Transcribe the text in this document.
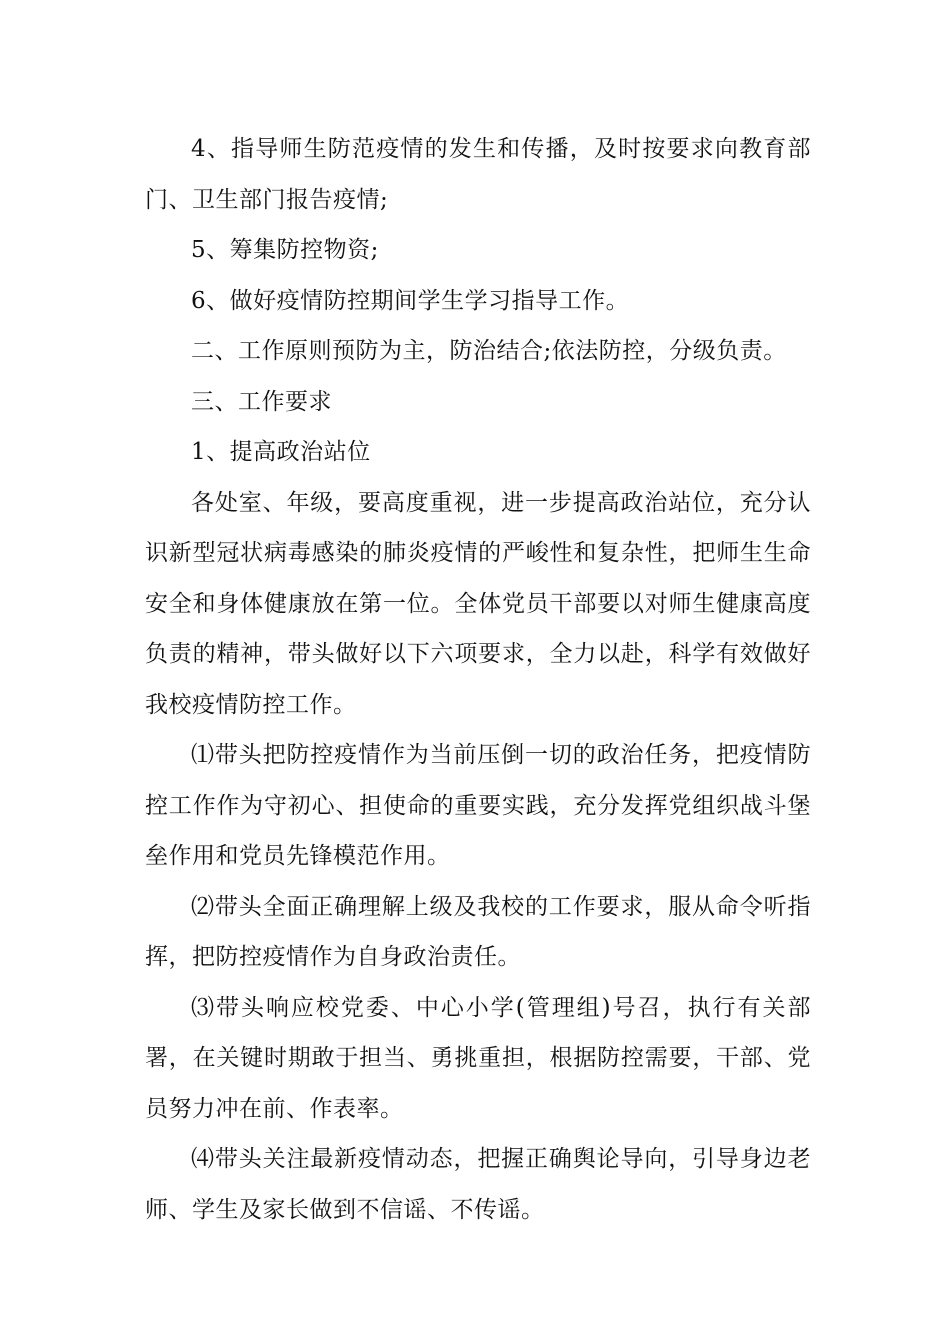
4、指导师生防范疫情的发生和传播，及时按要求向教育部门、卫生部门报告疫情;

5、筹集防控物资;

6、做好疫情防控期间学生学习指导工作。

二、工作原则预防为主，防治结合;依法防控，分级负责。

三、工作要求

1、提高政治站位

各处室、年级，要高度重视，进一步提高政治站位，充分认识新型冠状病毒感染的肺炎疫情的严峻性和复杂性，把师生生命安全和身体健康放在第一位。全体党员干部要以对师生健康高度负责的精神，带头做好以下六项要求，全力以赴，科学有效做好我校疫情防控工作。

⑴带头把防控疫情作为当前压倒一切的政治任务，把疫情防控工作作为守初心、担使命的重要实践，充分发挥党组织战斗堡垒作用和党员先锋模范作用。

⑵带头全面正确理解上级及我校的工作要求，服从命令听指挥，把防控疫情作为自身政治责任。

⑶带头响应校党委、中心小学(管理组)号召，执行有关部署，在关键时期敢于担当、勇挑重担，根据防控需要，干部、党员努力冲在前、作表率。

⑷带头关注最新疫情动态，把握正确舆论导向，引导身边老师、学生及家长做到不信谣、不传谣。
